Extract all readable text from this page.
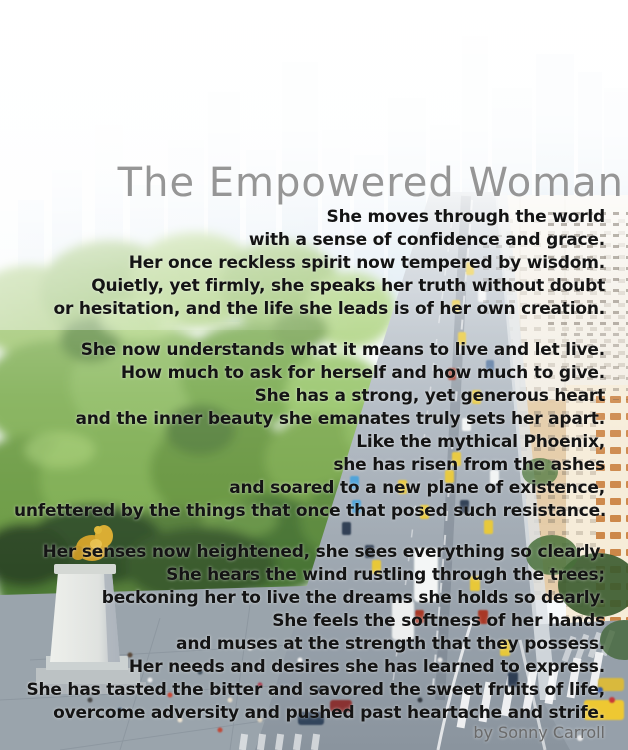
The Empowered Woman
She moves through the world
with a sense of confidence and grace.
Her once reckless spirit now tempered by wisdom.
Quietly, yet firmly, she speaks her truth without doubt
or hesitation, and the life she leads is of her own creation.
She now understands what it means to live and let live.
How much to ask for herself and how much to give.
She has a strong, yet generous heart
and the inner beauty she emanates truly sets her apart.
Like the mythical Phoenix,
she has risen from the ashes
and soared to a new plane of existence,
unfettered by the things that once that posed such resistance.
Her senses now heightened, she sees everything so clearly.
She hears the wind rustling through the trees;
beckoning her to live the dreams she holds so dearly.
She feels the softness of her hands
and muses at the strength that they possess.
Her needs and desires she has learned to express.
She has tasted the bitter and savored the sweet fruits of life,
overcome adversity and pushed past heartache and strife.
by Sonny Carroll
